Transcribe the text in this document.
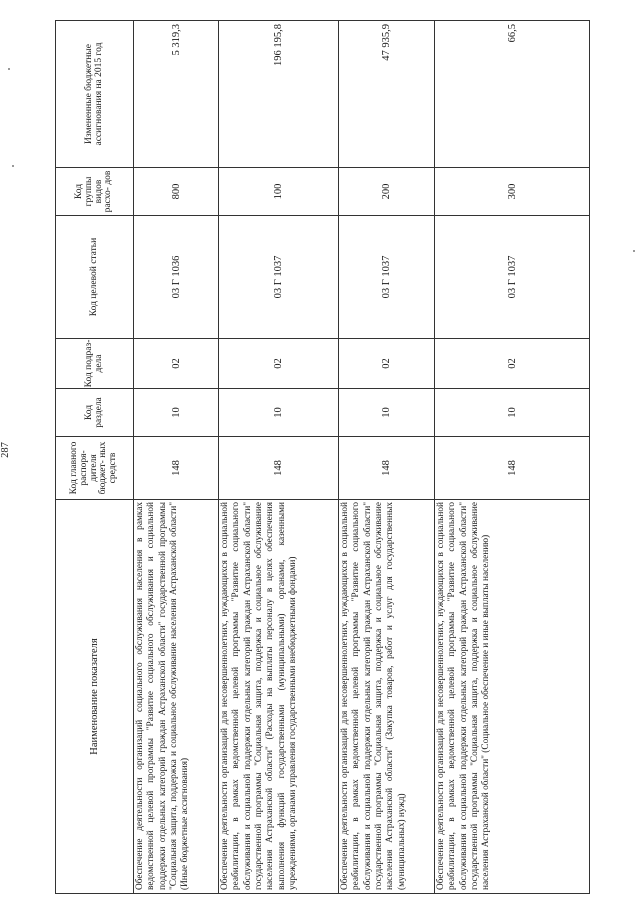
287
Наименование показателя	Код главного распоря- дителя бюджет- ных средств	Код раздела	Код подраз- дела	Код целевой статьи	Код группы видов расхо- дов	Измененные бюджетные ассигнования на 2015 год
Обеспечение деятельности организаций социального обслуживания населения в рамках ведомственной целевой программы "Развитие социального обслуживания и социальной поддержки отдельных категорий граждан Астраханской области" государственной программы "Социальная защита, поддержка и социальное обслуживание населения Астраханской области" (Иные бюджетные ассигнования)	148	10	02	03 Г 1036	800	5 319,3
Обеспечение деятельности организаций для несовершеннолетних, нуждающихся в социальной реабилитации, в рамках ведомственной целевой программы "Развитие социального обслуживания и социальной поддержки отдельных категорий граждан Астраханской области" государственной программы "Социальная защита, поддержка и социальное обслуживание населения Астраханской области" (Расходы на выплаты персоналу в целях обеспечения выполнения функций государственными (муниципальными) органами, казенными учреждениями, органами управления государственными внебюджетными фондами)	148	10	02	03 Г 1037	100	196 195,8
Обеспечение деятельности организаций для несовершеннолетних, нуждающихся в социальной реабилитации, в рамках ведомственной целевой программы "Развитие социального обслуживания и социальной поддержки отдельных категорий граждан Астраханской области" государственной программы "Социальная защита, поддержка и социальное обслуживание населения Астраханской области" (Закупка товаров, работ и услуг для государственных (муниципальных) нужд)	148	10	02	03 Г 1037	200	47 935,9
Обеспечение деятельности организаций для несовершеннолетних, нуждающихся в социальной реабилитации, в рамках ведомственной целевой программы "Развитие социального обслуживания и социальной поддержки отдельных категорий граждан Астраханской области" государственной программы "Социальная защита, поддержка и социальное обслуживание населения Астраханской области" (Социальное обеспечение и иные выплаты населению)	148	10	02	03 Г 1037	300	66,5
